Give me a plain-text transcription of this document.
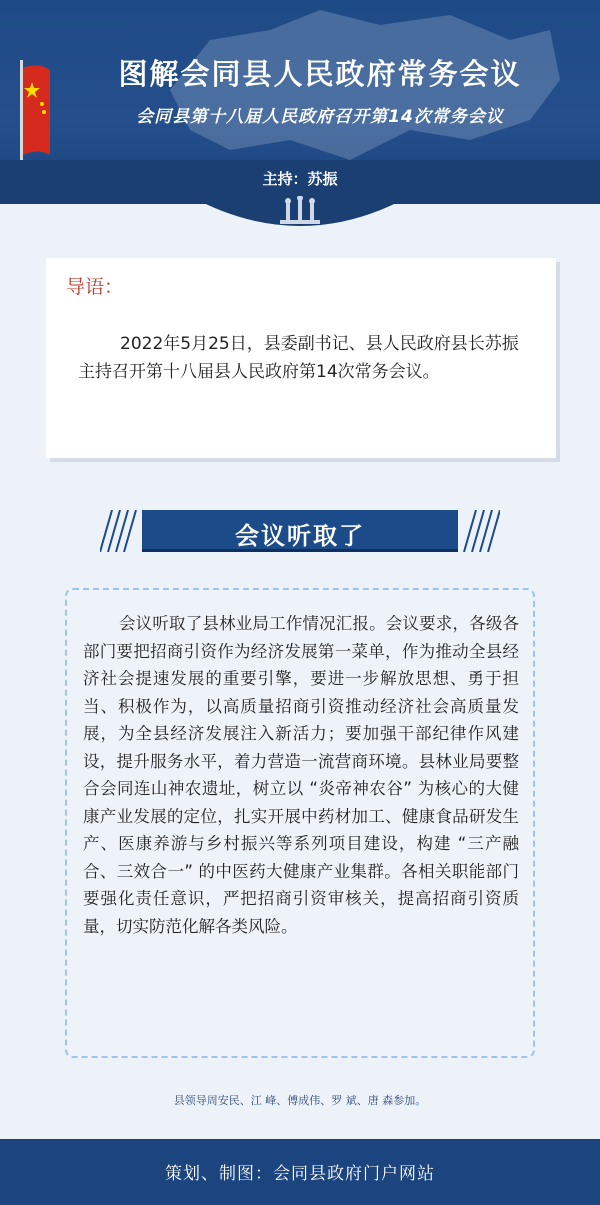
图解会同县人民政府常务会议
会同县第十八届人民政府召开第14次常务会议
主持：苏振
导语：
2022年5月25日，县委副书记、县人民政府县长苏振主持召开第十八届县人民政府第14次常务会议。
会议听取了
会议听取了县林业局工作情况汇报。会议要求，各级各部门要把招商引资作为经济发展第一菜单，作为推动全县经济社会提速发展的重要引擎，要进一步解放思想、勇于担当、积极作为，以高质量招商引资推动经济社会高质量发展，为全县经济发展注入新活力；要加强干部纪律作风建设，提升服务水平，着力营造一流营商环境。县林业局要整合会同连山神农遗址，树立以 “炎帝神农谷” 为核心的大健康产业发展的定位，扎实开展中药材加工、健康食品研发生产、医康养游与乡村振兴等系列项目建设，构建 “三产融合、三效合一” 的中医药大健康产业集群。各相关职能部门要强化责任意识，严把招商引资审核关，提高招商引资质量，切实防范化解各类风险。
县领导周安民、江 峰、傅成伟、罗 斌、唐 森参加。
策划、制图：会同县政府门户网站
